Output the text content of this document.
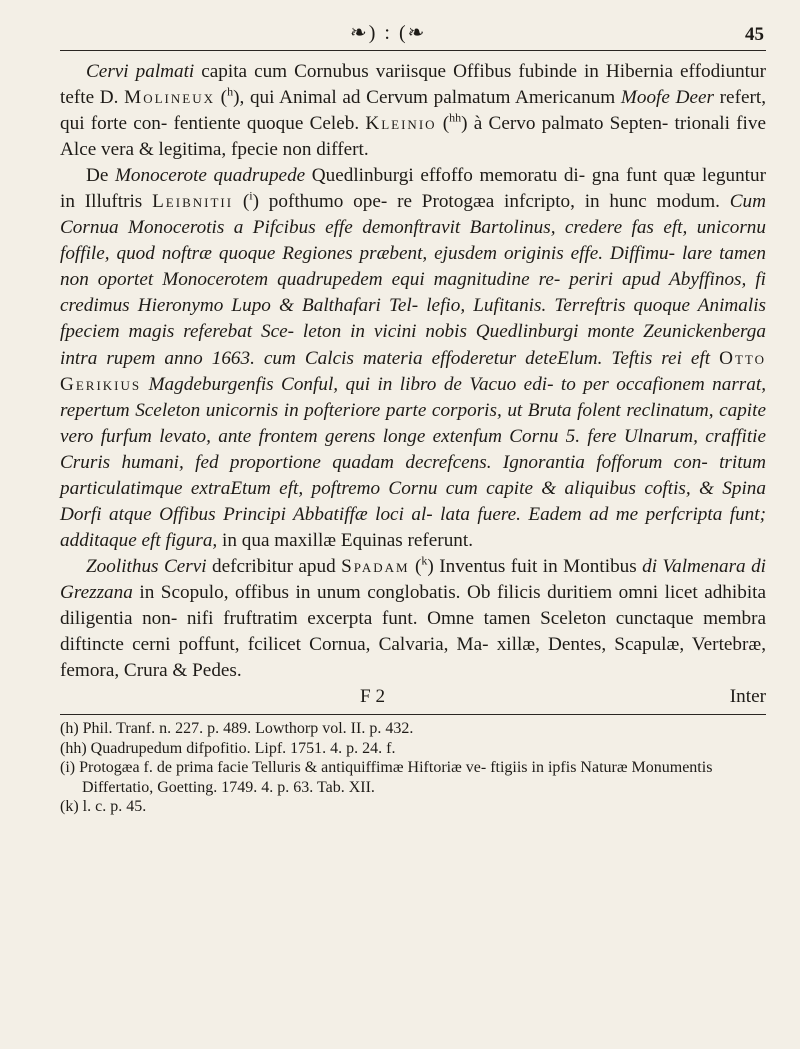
❧) : (❧	45

Cervi palmati capita cum Cornubus variisque Offibus fubinde in Hibernia effodiuntur tefte D. Molineux ($^h$), qui Animal ad Cervum palmatum Americanum Moofe Deer refert, qui forte con- fentiente quoque Celeb. Kleinio ($^{hh}$) à Cervo palmato Septen- trionali five Alce vera & legitima, fpecie non differt.

De Monocerote quadrupede Quedlinburgi effoffo memoratu di- gna funt quæ leguntur in Illuftris Leibnitii ($^i$) pofthumo ope- re Protogæa infcripto, in hunc modum. Cum Cornua Monocerotis a Pifcibus effe demonftravit Bartolinus, credere fas eft, unicornu foffile, quod noftræ quoque Regiones præbent, ejusdem originis effe. Diffimu- lare tamen non oportet Monocerotem quadrupedem equi magnitudine re- periri apud Abyffinos, fi credimus Hieronymo Lupo & Balthafari Tel- lefio, Lufitanis. Terreftris quoque Animalis fpeciem magis referebat Sce- leton in vicini nobis Quedlinburgi monte Zeunickenberga intra rupem anno 1663. cum Calcis materia effoderetur deteElum. Teftis rei eft Otto Gerikius Magdeburgenfis Conful, qui in libro de Vacuo edi- to per occafionem narrat, repertum Sceleton unicornis in pofteriore parte corporis, ut Bruta folent reclinatum, capite vero furfum levato, ante frontem gerens longe extenfum Cornu 5. fere Ulnarum, craffitie Cruris humani, fed proportione quadam decrefcens. Ignorantia fofforum con- tritum particulatimque extraEtum eft, poftremo Cornu cum capite & aliquibus coftis, & Spina Dorfi atque Offibus Principi Abbatiffæ loci al- lata fuere. Eadem ad me perfcripta funt; additaque eft figura, in qua maxillæ Equinas referunt.

Zoolithus Cervi defcribitur apud Spadam ($^k$) Inventus fuit in Montibus di Valmenara di Grezzana in Scopulo, offibus in unum conglobatis. Ob filicis duritiem omni licet adhibita diligentia non- nifi fruftratim excerpta funt. Omne tamen Sceleton cunctaque membra diftincte cerni poffunt, fcilicet Cornua, Calvaria, Ma- xillæ, Dentes, Scapulæ, Vertebræ, femora, Crura & Pedes.

F 2	Inter
(h) Phil. Tranf. n. 227. p. 489. Lowthorp vol. II. p. 432.
(hh) Quadrupedum difpofitio. Lipf. 1751. 4. p. 24. f.
(i) Protogæa f. de prima facie Telluris & antiquiffimæ Hiftoriæ ve- ftigiis in ipfis Naturæ Monumentis Differtatio, Goetting. 1749. 4. p. 63. Tab. XII.
(k) l. c. p. 45.
